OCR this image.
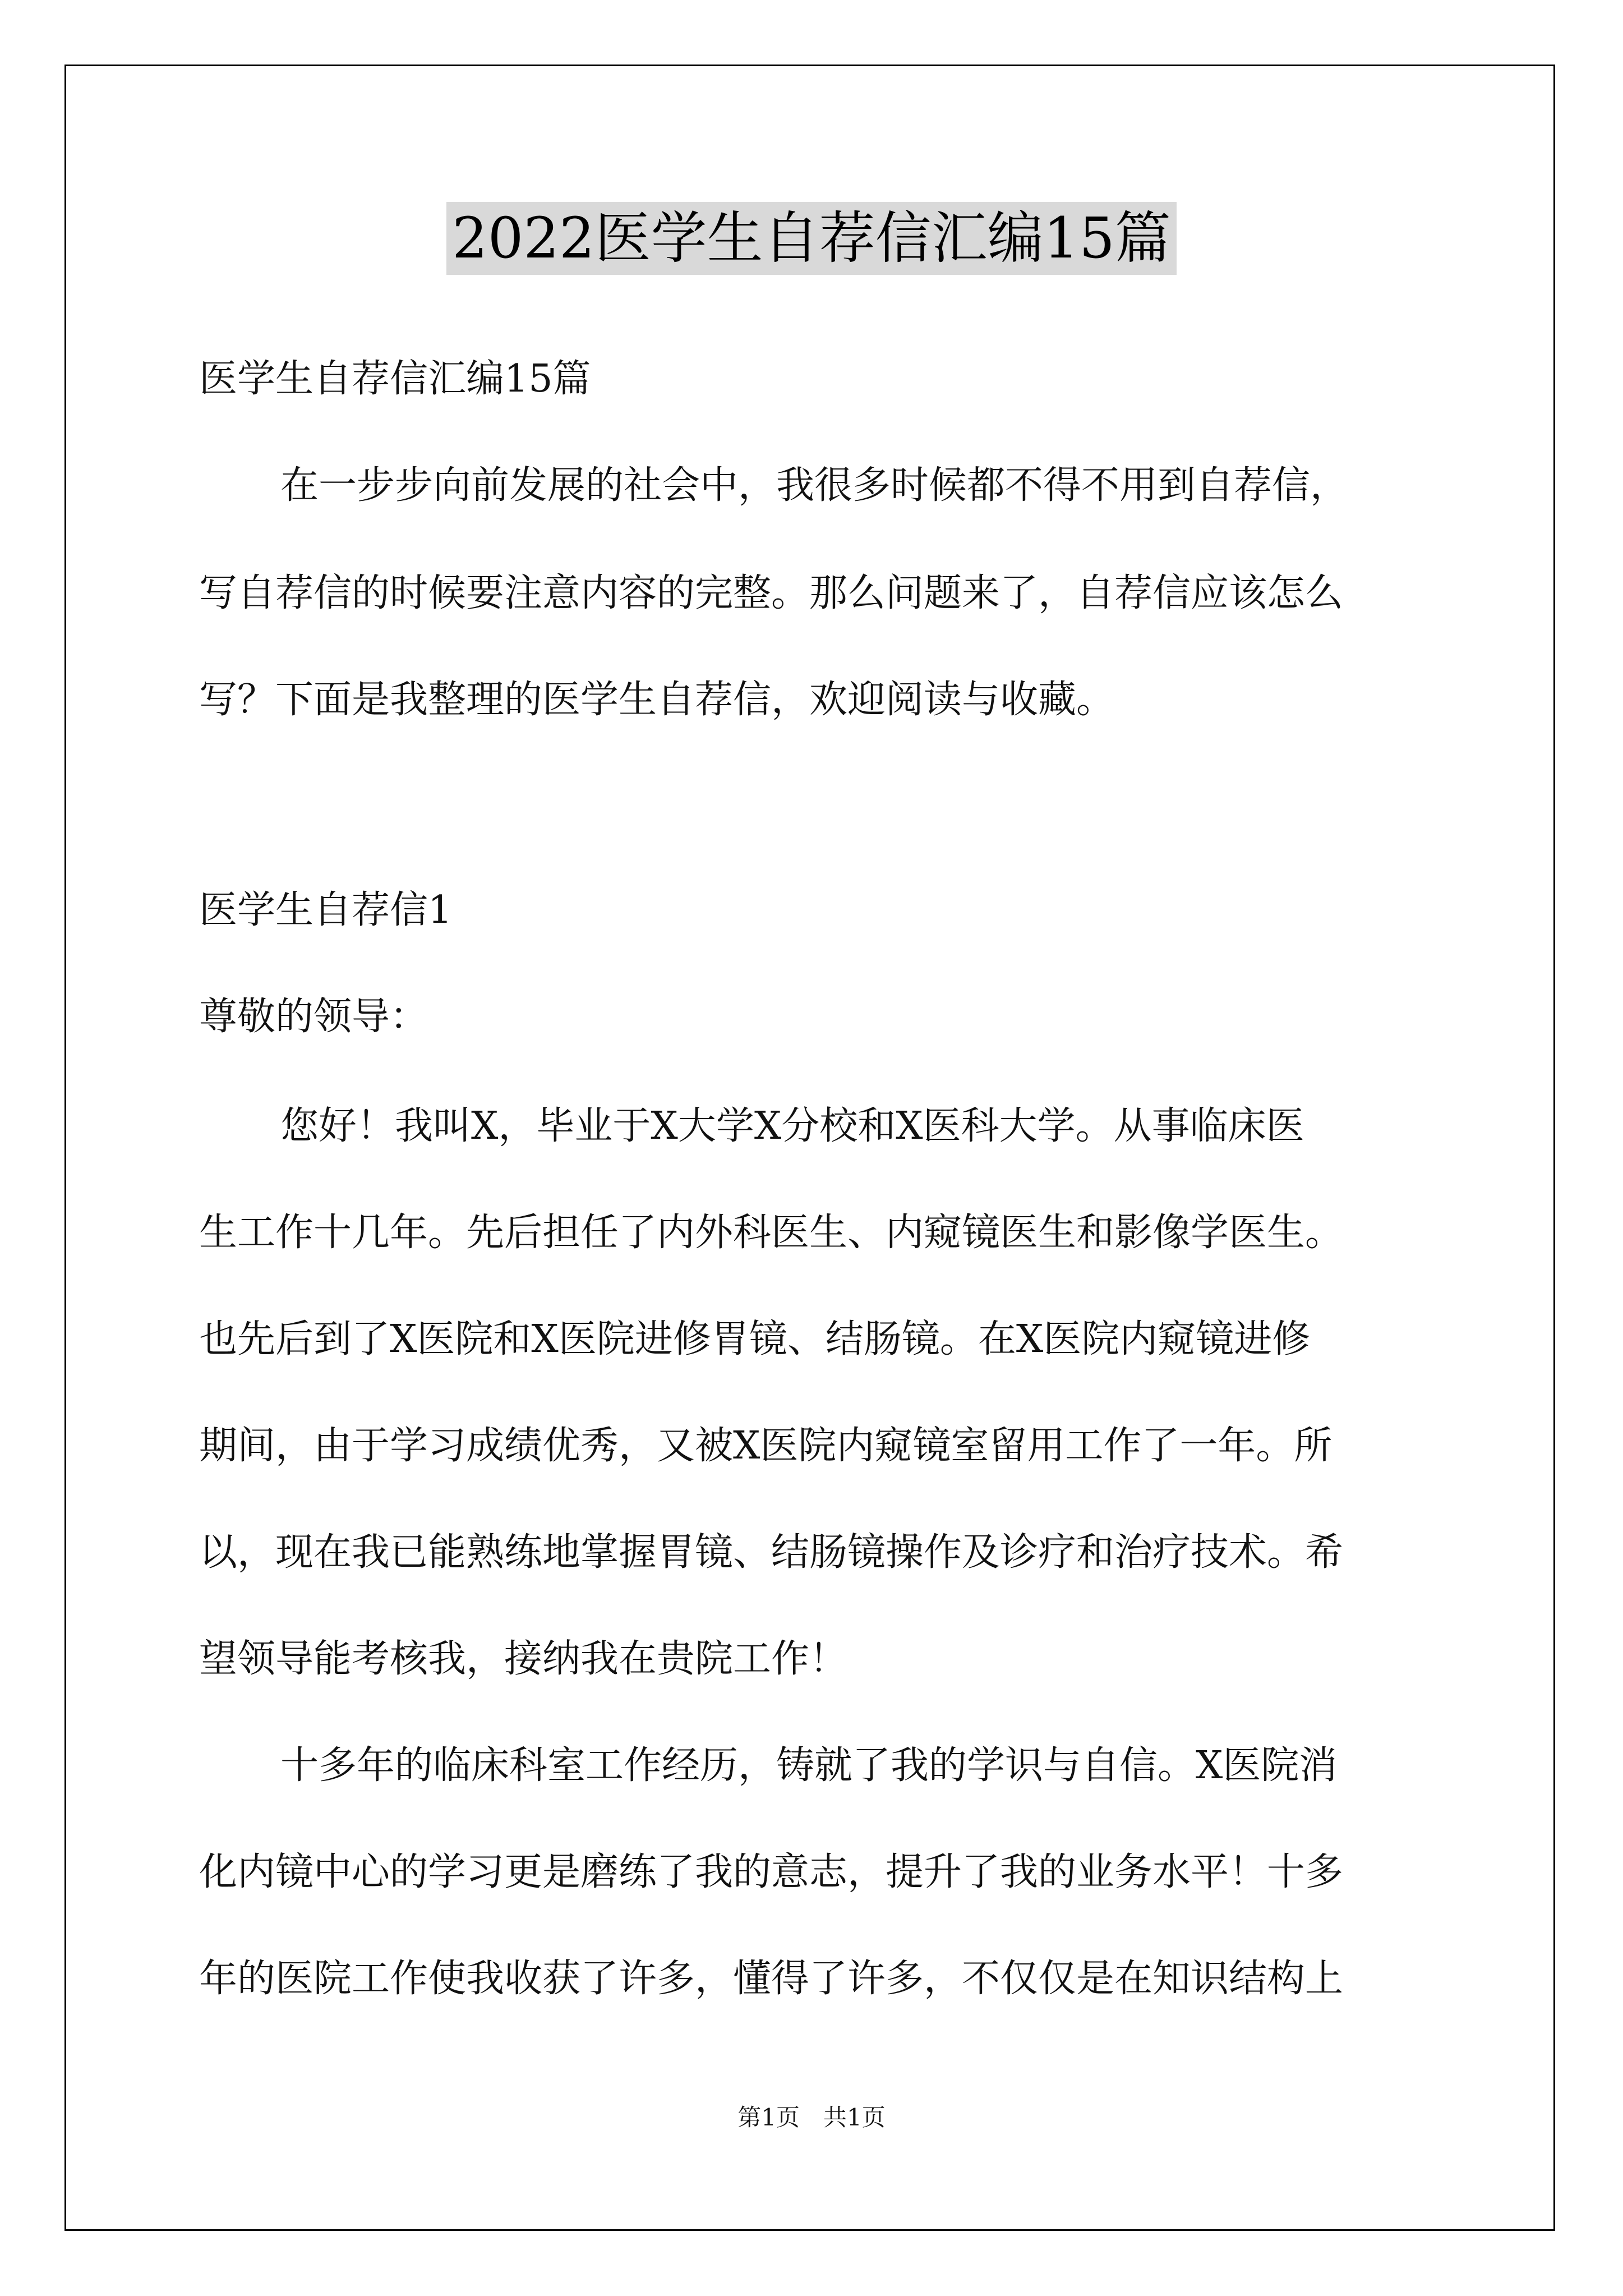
2022医学生自荐信汇编15篇
医学生自荐信汇编15篇
在一步步向前发展的社会中，我很多时候都不得不用到自荐信，
写自荐信的时候要注意内容的完整。那么问题来了，自荐信应该怎么
写？下面是我整理的医学生自荐信，欢迎阅读与收藏。
医学生自荐信1
尊敬的领导：
您好！我叫X，毕业于X大学X分校和X医科大学。从事临床医
生工作十几年。先后担任了内外科医生、内窥镜医生和影像学医生。
也先后到了X医院和X医院进修胃镜、结肠镜。在X医院内窥镜进修
期间，由于学习成绩优秀，又被X医院内窥镜室留用工作了一年。所
以，现在我已能熟练地掌握胃镜、结肠镜操作及诊疗和治疗技术。希
望领导能考核我，接纳我在贵院工作！
十多年的临床科室工作经历，铸就了我的学识与自信。X医院消
化内镜中心的学习更是磨练了我的意志，提升了我的业务水平！十多
年的医院工作使我收获了许多，懂得了许多，不仅仅是在知识结构上
第1页　共1页
